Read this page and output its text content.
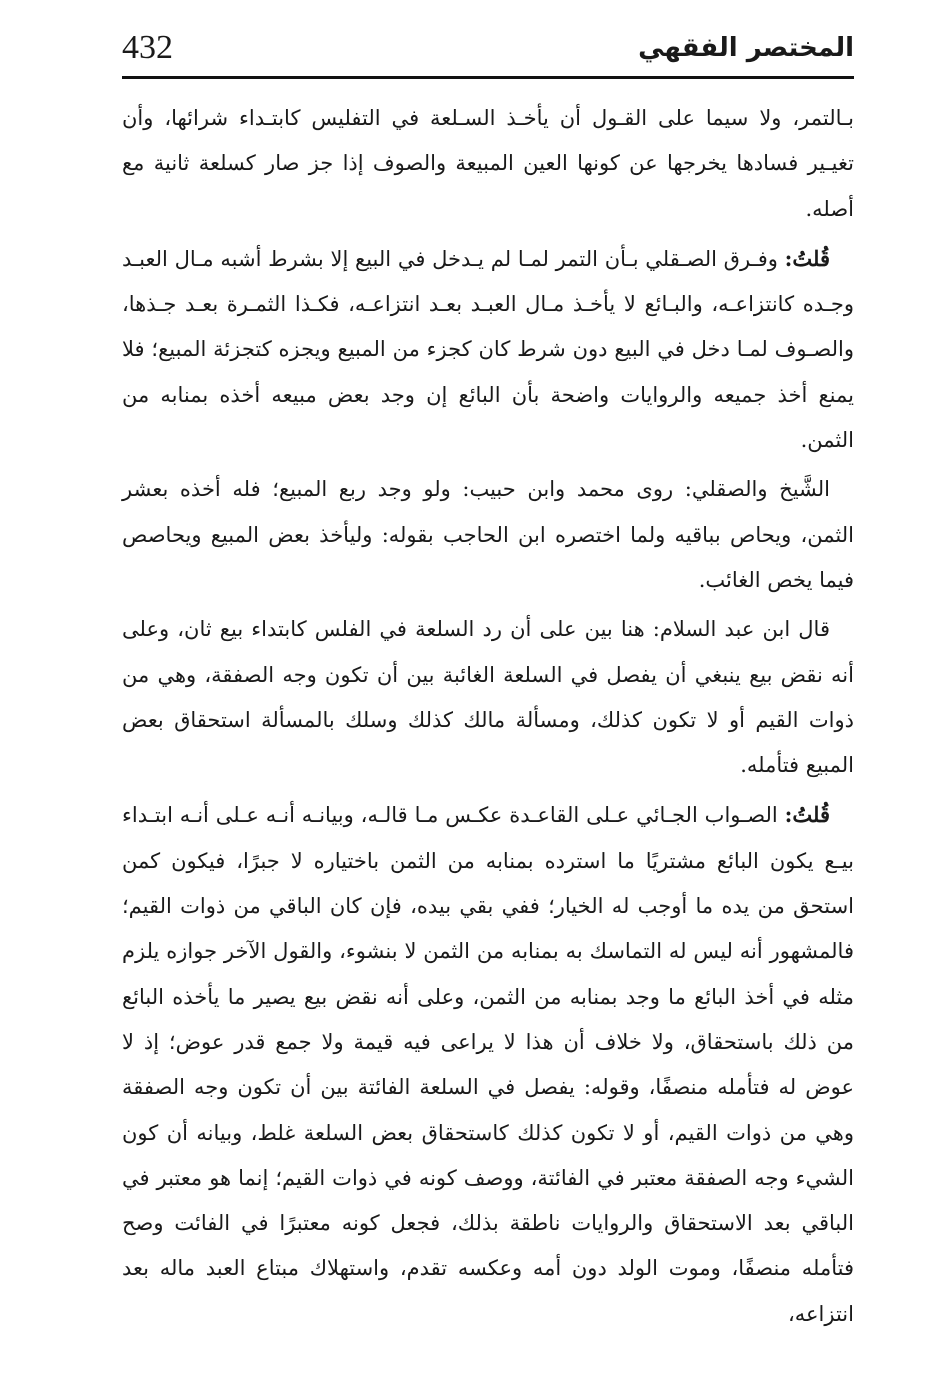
432	المختصر الفقهي

بـالتمر، ولا سيما على القـول أن يأخـذ السـلعة في التفليس كابتـداء شرائها، وأن تغيـير فسادها يخرجها عن كونها العين المبيعة والصوف إذا جز صار كسلعة ثانية مع أصله.

قُلتُ: وفـرق الصـقلي بـأن التمر لمـا لم يـدخل في البيع إلا بشرط أشبه مـال العبـد وجـده كانتزاعـه، والبـائع لا يأخـذ مـال العبـد بعـد انتزاعـه، فكـذا الثمـرة بعـد جـذها، والصـوف لمـا دخل في البيع دون شرط كان كجزء من المبيع ويجزه كتجزئة المبيع؛ فلا يمنع أخذ جميعه والروايات واضحة بأن البائع إن وجد بعض مبيعه أخذه بمنابه من الثمن.

الشَّيخ والصقلي: روى محمد وابن حبيب: ولو وجد ربع المبيع؛ فله أخذه بعشر الثمن، ويحاص بباقيه ولما اختصره ابن الحاجب بقوله: وليأخذ بعض المبيع ويحاصص فيما يخص الغائب.

قال ابن عبد السلام: هنا بين على أن رد السلعة في الفلس كابتداء بيع ثان، وعلى أنه نقض بيع ينبغي أن يفصل في السلعة الغائبة بين أن تكون وجه الصفقة، وهي من ذوات القيم أو لا تكون كذلك، ومسألة مالك كذلك وسلك بالمسألة استحقاق بعض المبيع فتأمله.

قُلتُ: الصـواب الجـائي عـلى القاعـدة عكـس مـا قالـه، وبيانـه أنـه عـلى أنـه ابتـداء بيـع يكون البائع مشتريًا ما استرده بمنابه من الثمن باختياره لا جبرًا، فيكون كمن استحق من يده ما أوجب له الخيار؛ ففي بقي بيده، فإن كان الباقي من ذوات القيم؛ فالمشهور أنه ليس له التماسك به بمنابه من الثمن لا بنشوء، والقول الآخر جوازه يلزم مثله في أخذ البائع ما وجد بمنابه من الثمن، وعلى أنه نقض بيع يصير ما يأخذه البائع من ذلك باستحقاق، ولا خلاف أن هذا لا يراعى فيه قيمة ولا جمع قدر عوض؛ إذ لا عوض له فتأمله منصفًا، وقوله: يفصل في السلعة الفائتة بين أن تكون وجه الصفقة وهي من ذوات القيم، أو لا تكون كذلك كاستحقاق بعض السلعة غلط، وبيانه أن كون الشيء وجه الصفقة معتبر في الفائتة، ووصف كونه في ذوات القيم؛ إنما هو معتبر في الباقي بعد الاستحقاق والروايات ناطقة بذلك، فجعل كونه معتبرًا في الفائت وصح فتأمله منصفًا، وموت الولد دون أمه وعكسه تقدم، واستهلاك مبتاع العبد ماله بعد انتزاعه،
